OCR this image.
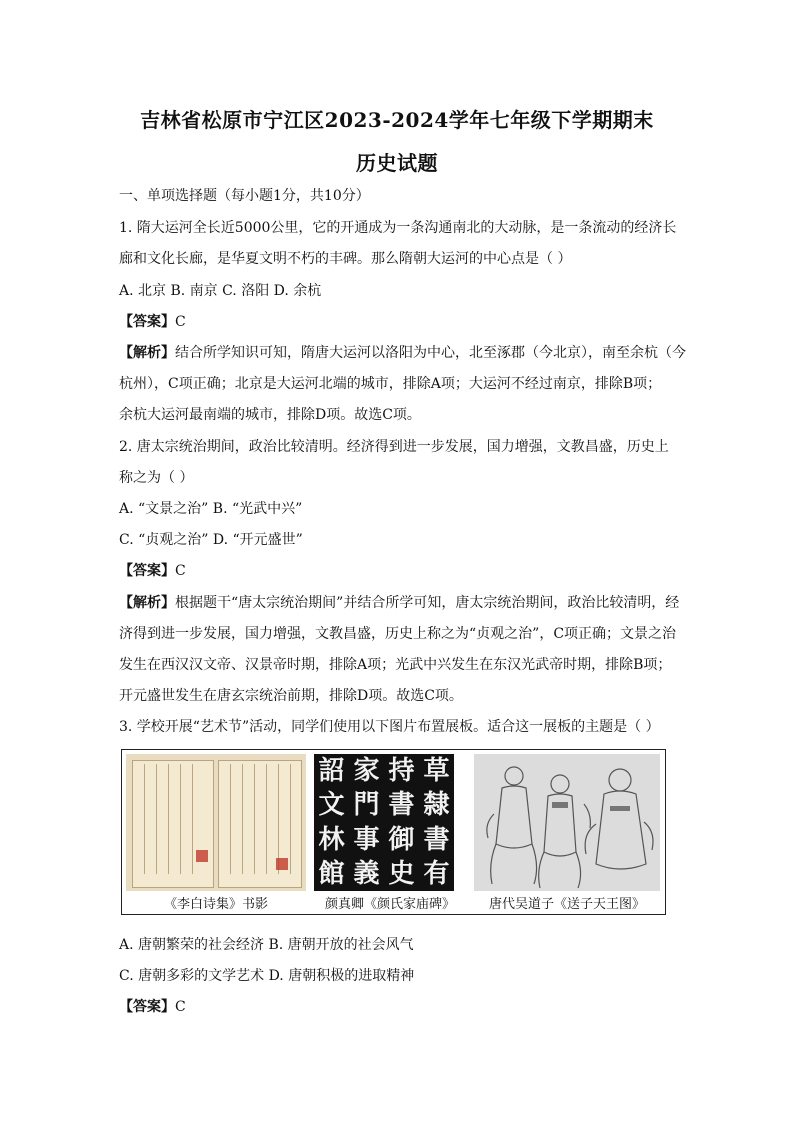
吉林省松原市宁江区2023-2024学年七年级下学期期末
历史试题
一、单项选择题（每小题1分，共10分）
1. 隋大运河全长近5000公里，它的开通成为一条沟通南北的大动脉，是一条流动的经济长
廊和文化长廊，是华夏文明不朽的丰碑。那么隋朝大运河的中心点是（ ）
A. 北京 B. 南京 C. 洛阳 D. 余杭
【答案】C
【解析】结合所学知识可知，隋唐大运河以洛阳为中心，北至涿郡（今北京），南至余杭（今
杭州），C项正确；北京是大运河北端的城市，排除A项；大运河不经过南京，排除B项；
余杭大运河最南端的城市，排除D项。故选C项。
2. 唐太宗统治期间，政治比较清明。经济得到进一步发展，国力增强，文教昌盛，历史上
称之为（ ）
A. “文景之治” B. “光武中兴”
C. “贞观之治” D. “开元盛世”
【答案】C
【解析】根据题干“唐太宗统治期间”并结合所学可知，唐太宗统治期间，政治比较清明，经
济得到进一步发展，国力增强，文教昌盛，历史上称之为“贞观之治”，C项正确；文景之治
发生在西汉汉文帝、汉景帝时期，排除A项；光武中兴发生在东汉光武帝时期，排除B项；
开元盛世发生在唐玄宗统治前期，排除D项。故选C项。
3. 学校开展“艺术节”活动，同学们使用以下图片布置展板。适合这一展板的主题是（ ）
《李白诗集》书影
詔 家 持 草
文 門 書 隸
林 事 御 書
館 義 史 有
颜真卿《颜氏家庙碑》	唐代吴道子《送子天王图》
A. 唐朝繁荣的社会经济 B. 唐朝开放的社会风气
C. 唐朝多彩的文学艺术 D. 唐朝积极的进取精神
【答案】C
